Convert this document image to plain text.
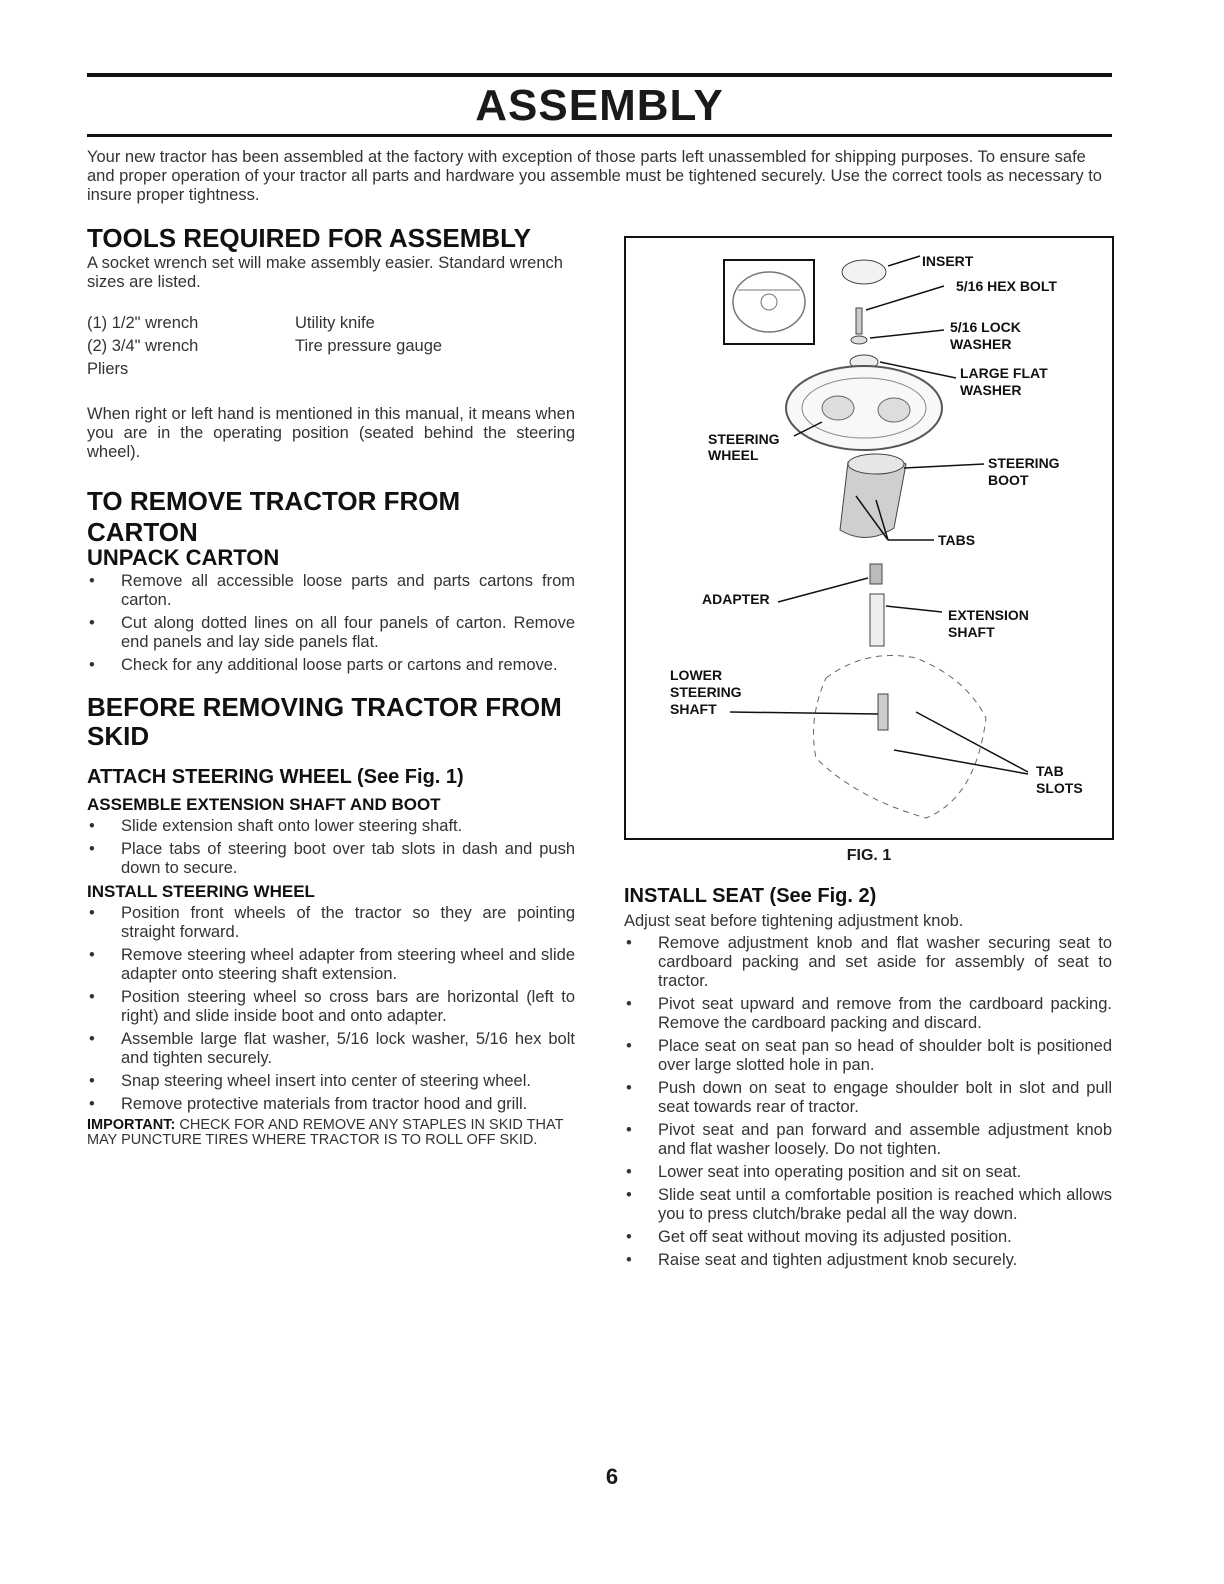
ASSEMBLY

Your new tractor has been assembled at the factory with exception of those parts left unassembled for shipping purposes. To ensure safe and proper operation of your tractor all parts and hardware you assemble must be tightened securely. Use the correct tools as necessary to insure proper tightness.

TOOLS REQUIRED FOR ASSEMBLY

A socket wrench set will make assembly easier. Standard wrench sizes are listed.

(1) 1/2" wrench	Utility knife
(2) 3/4" wrench	Tire pressure gauge
Pliers

When right or left hand is mentioned in this manual, it means when you are in the operating position (seated behind the steering wheel).

TO REMOVE TRACTOR FROM CARTON
UNPACK CARTON
• Remove all accessible loose parts and parts cartons from carton.
• Cut along dotted lines on all four panels of carton. Remove end panels and lay side panels flat.
• Check for any additional loose parts or cartons and remove.
BEFORE REMOVING TRACTOR FROM SKID
ATTACH STEERING WHEEL (See Fig. 1)
ASSEMBLE EXTENSION SHAFT AND BOOT
• Slide extension shaft onto lower steering shaft.
• Place tabs of steering boot over tab slots in dash and push down to secure.
INSTALL STEERING WHEEL
• Position front wheels of the tractor so they are pointing straight forward.
• Remove steering wheel adapter from steering wheel and slide adapter onto steering shaft extension.
• Position steering wheel so cross bars are horizontal (left to right) and slide inside boot and onto adapter.
• Assemble large flat washer, 5/16 lock washer, 5/16 hex bolt and tighten securely.
• Snap steering wheel insert into center of steering wheel.
• Remove protective materials from tractor hood and grill.

IMPORTANT: CHECK FOR AND REMOVE ANY STAPLES IN SKID THAT MAY PUNCTURE TIRES WHERE TRACTOR IS TO ROLL OFF SKID.

INSERT
5/16 HEX BOLT
5/16 LOCK
WASHER
LARGE FLAT
WASHER
STEERING
WHEEL	STEERING
BOOT
TABS
ADAPTER
EXTENSION
SHAFT
LOWER
STEERING
SHAFT
TAB
SLOTS
FIG. 1
INSTALL SEAT (See Fig. 2)

Adjust seat before tightening adjustment knob.

• Remove adjustment knob and flat washer securing seat to cardboard packing and set aside for assembly of seat to tractor.
• Pivot seat upward and remove from the cardboard packing. Remove the cardboard packing and discard.
• Place seat on seat pan so head of shoulder bolt is positioned over large slotted hole in pan.
• Push down on seat to engage shoulder bolt in slot and pull seat towards rear of tractor.
• Pivot seat and pan forward and assemble adjustment knob and flat washer loosely. Do not tighten.
• Lower seat into operating position and sit on seat.
• Slide seat until a comfortable position is reached which allows you to press clutch/brake pedal all the way down.
• Get off seat without moving its adjusted position.
• Raise seat and tighten adjustment knob securely.
6
